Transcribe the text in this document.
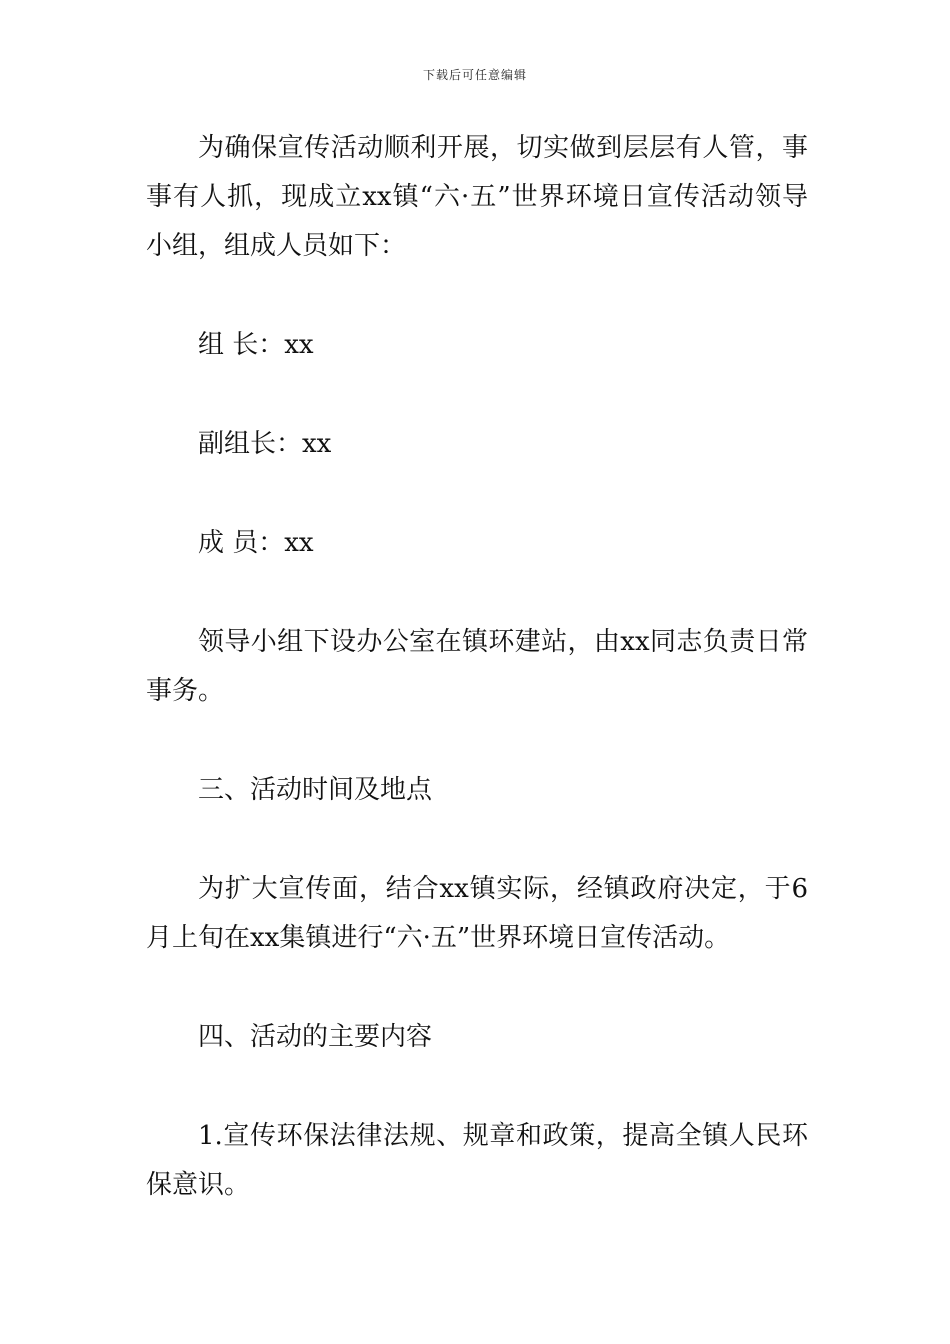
下载后可任意编辑

为确保宣传活动顺利开展，切实做到层层有人管，事事有人抓，现成立xx镇“六·五”世界环境日宣传活动领导小组，组成人员如下：

组 长：xx

副组长：xx

成 员：xx

领导小组下设办公室在镇环建站，由xx同志负责日常事务。

三、活动时间及地点

为扩大宣传面，结合xx镇实际，经镇政府决定，于6月上旬在xx集镇进行“六·五”世界环境日宣传活动。

四、活动的主要内容

1.宣传环保法律法规、规章和政策，提高全镇人民环保意识。
